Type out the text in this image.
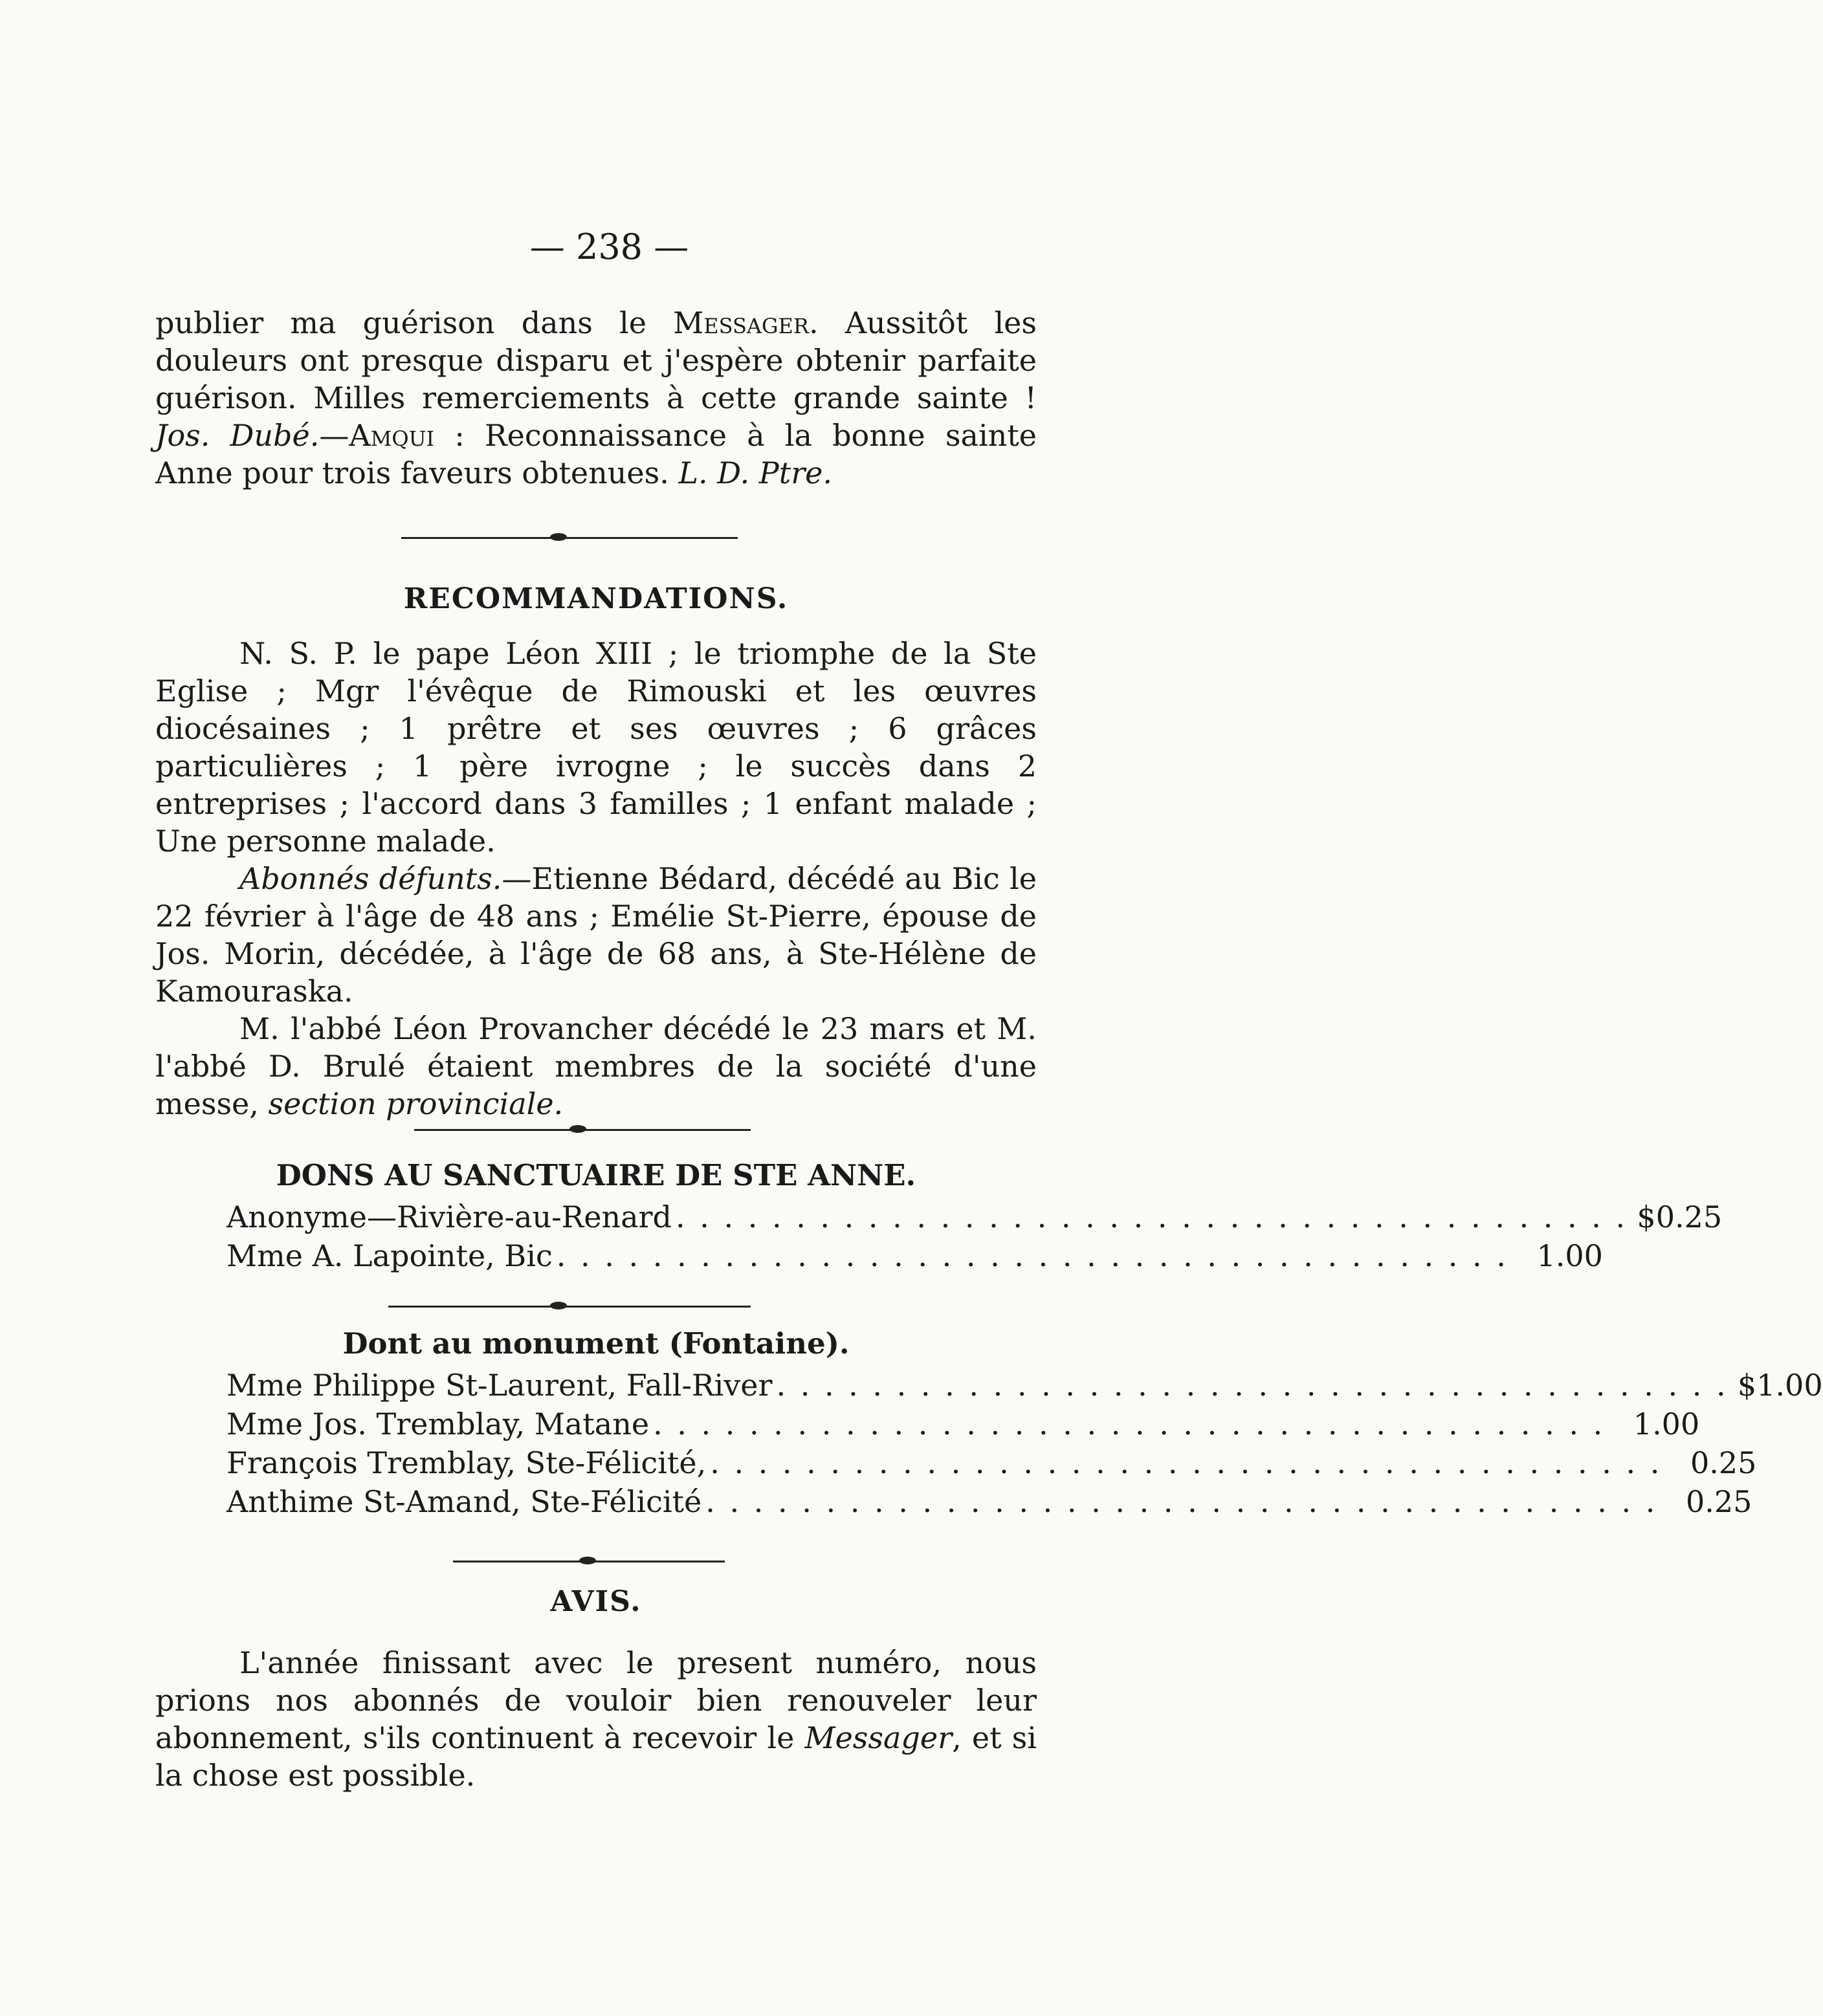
— 238 —

publier ma guérison dans le Messager. Aussitôt les douleurs ont presque disparu et j'espère obtenir parfaite guérison. Milles remerciements à cette grande sainte ! Jos. Dubé.—Amqui : Reconnaissance à la bonne sainte Anne pour trois faveurs obtenues. L. D. Ptre.

RECOMMANDATIONS.

N. S. P. le pape Léon XIII ; le triomphe de la Ste Eglise ; Mgr l'évêque de Rimouski et les œuvres diocésaines ; 1 prêtre et ses œuvres ; 6 grâces particulières ; 1 père ivrogne ; le succès dans 2 entreprises ; l'accord dans 3 familles ; 1 enfant malade ; Une personne malade.

Abonnés défunts.—Etienne Bédard, décédé au Bic le 22 février à l'âge de 48 ans ; Emélie St-Pierre, épouse de Jos. Morin, décédée, à l'âge de 68 ans, à Ste-Hélène de Kamouraska.

M. l'abbé Léon Provancher décédé le 23 mars et M. l'abbé D. Brulé étaient membres de la société d'une messe, section provinciale.

DONS AU SANCTUAIRE DE STE ANNE.

Anonyme—Rivière-au-Renard . . . . . . . . . . . . . . . . . . . . . . . . . . . . . . . . . . . . . . . . $0.25
Mme A. Lapointe, Bic . . . . . . . . . . . . . . . . . . . . . . . . . . . . . . . . . . . . . . . . 1.00

Dont au monument (Fontaine).

Mme Philippe St-Laurent, Fall-River . . . . . . . . . . . . . . . . . . . . . . . . . . . . . . . . . . . . . . . . $1.00
Mme Jos. Tremblay, Matane . . . . . . . . . . . . . . . . . . . . . . . . . . . . . . . . . . . . . . . . 1.00
François Tremblay, Ste-Félicité, . . . . . . . . . . . . . . . . . . . . . . . . . . . . . . . . . . . . . . . . 0.25
Anthime St-Amand, Ste-Félicité . . . . . . . . . . . . . . . . . . . . . . . . . . . . . . . . . . . . . . . . 0.25

AVIS.

L'année finissant avec le present numéro, nous prions nos abonnés de vouloir bien renouveler leur abonnement, s'ils continuent à recevoir le Messager, et si la chose est possible.
